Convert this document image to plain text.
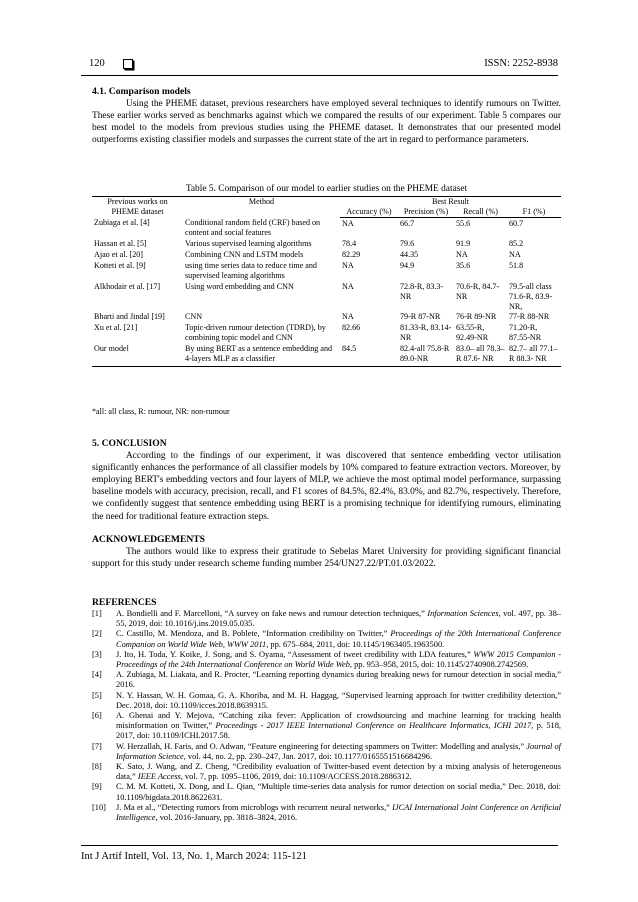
120	ISSN: 2252-8938
4.1. Comparison models

Using the PHEME dataset, previous researchers have employed several techniques to identify rumours on Twitter. These earlier works served as benchmarks against which we compared the results of our experiment. Table 5 compares our best model to the models from previous studies using the PHEME dataset. It demonstrates that our presented model outperforms existing classifier models and surpasses the current state of the art in regard to performance parameters.

Table 5. Comparison of our model to earlier studies on the PHEME dataset
Previous works on PHEME dataset	Method	Best Result			
		Accuracy (%)	Precision (%)	Recall (%)	F1 (%)
Zubiaga et al. [4]	Conditional random field (CRF) based on content and social features	NA	66.7	55.6	60.7
Hassan et al. [5]	Various supervised learning algorithms	78.4	79.6	91.9	85.2
Ajao et al. [20]	Combining CNN and LSTM models	82.29	44.35	NA	NA
Kotteti et al. [9]	using time series data to reduce time and supervised learning algorithms	NA	94.9	35.6	51.8
Alkhodair et al. [17]	Using word embedding and CNN	NA	72.8-R, 83.3-NR	70.6-R, 84.7-NR	79.5-all class 71.6-R, 83.9-NR,
Bharti and Jindal [19]	CNN	NA	79-R 87-NR	76-R 89-NR	77-R 88-NR
Xu et al. [21]	Topic-driven rumour detection (TDRD), by combining topic model and CNN	82.66	81.33-R, 83.14-NR	63.55-R, 92.49-NR	71.20-R, 87.55-NR
Our model	By using BERT as a sentence embedding and 4-layers MLP as a classifier	84.5	82.4-all 75.8-R 89.0-NR	83.0– all 78.3– R 87.6- NR	82.7– all 77.1– R 88.3- NR
*all: all class, R: rumour, NR: non-rumour
5. CONCLUSION

According to the findings of our experiment, it was discovered that sentence embedding vector utilisation significantly enhances the performance of all classifier models by 10% compared to feature extraction vectors. Moreover, by employing BERT's embedding vectors and four layers of MLP, we achieve the most optimal model performance, surpassing baseline models with accuracy, precision, recall, and F1 scores of 84.5%, 82.4%, 83.0%, and 82.7%, respectively. Therefore, we confidently suggest that sentence embedding using BERT is a promising technique for identifying rumours, eliminating the need for traditional feature extraction steps.

ACKNOWLEDGEMENTS

The authors would like to express their gratitude to Sebelas Maret University for providing significant financial support for this study under research scheme funding number 254/UN27.22/PT.01.03/2022.

REFERENCES

[1] A. Bondielli and F. Marcelloni, “A survey on fake news and rumour detection techniques,” Information Sciences, vol. 497, pp. 38–55, 2019, doi: 10.1016/j.ins.2019.05.035.

[2] C. Castillo, M. Mendoza, and B. Poblete, “Information credibility on Twitter,” Proceedings of the 20th International Conference Companion on World Wide Web, WWW 2011, pp. 675–684, 2011, doi: 10.1145/1963405.1963500.

[3] J. Ito, H. Toda, Y. Koike, J. Song, and S. Oyama, “Assessment of tweet credibility with LDA features,” WWW 2015 Companion - Proceedings of the 24th International Conference on World Wide Web, pp. 953–958, 2015, doi: 10.1145/2740908.2742569.

[4] A. Zubiaga, M. Liakata, and R. Procter, “Learning reporting dynamics during breaking news for rumour detection in social media,” 2016.

[5] N. Y. Hassan, W. H. Gomaa, G. A. Khoriba, and M. H. Haggag, “Supervised learning approach for twitter credibility detection,” Dec. 2018, doi: 10.1109/icces.2018.8639315.

[6] A. Ghenai and Y. Mejova, “Catching zika fever: Application of crowdsourcing and machine learning for tracking health misinformation on Twitter,” Proceedings - 2017 IEEE International Conference on Healthcare Informatics, ICHI 2017, p. 518, 2017, doi: 10.1109/ICHI.2017.58.

[7] W. Herzallah, H. Faris, and O. Adwan, “Feature engineering for detecting spammers on Twitter: Modelling and analysis,” Journal of Information Science, vol. 44, no. 2, pp. 230–247, Jan. 2017, doi: 10.1177/0165551516684296.

[8] K. Sato, J. Wang, and Z. Cheng, “Credibility evaluation of Twitter-based event detection by a mixing analysis of heterogeneous data,” IEEE Access, vol. 7, pp. 1095–1106, 2019, doi: 10.1109/ACCESS.2018.2886312.

[9] C. M. M. Kotteti, X. Dong, and L. Qian, “Multiple time-series data analysis for rumor detection on social media,” Dec. 2018, doi: 10.1109/bigdata.2018.8622631.

[10] J. Ma et al., “Detecting rumors from microblogs with recurrent neural networks,” IJCAI International Joint Conference on Artificial Intelligence, vol. 2016-January, pp. 3818–3824, 2016.

Int J Artif Intell, Vol. 13, No. 1, March 2024: 115-121
